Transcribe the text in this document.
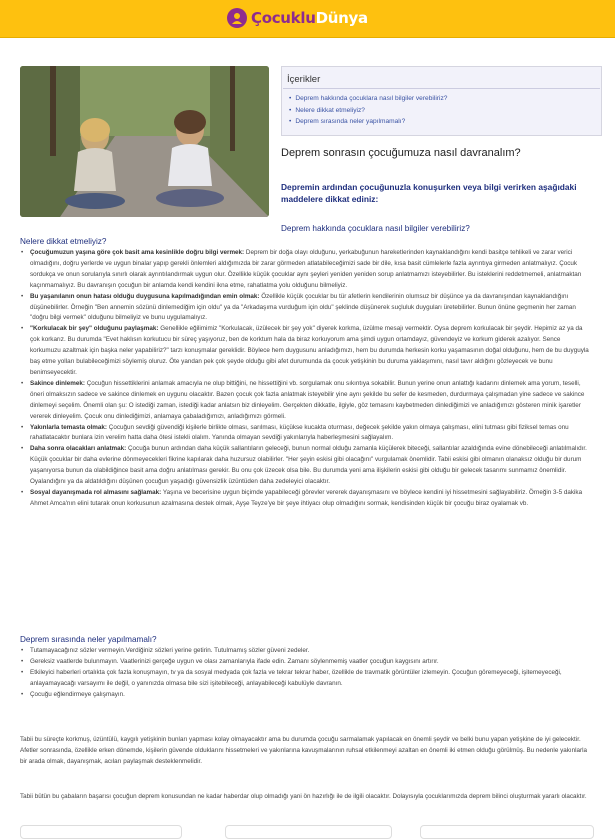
ÇocukluDünya
İçerikler
• Deprem hakkında çocuklara nasıl bilgiler verebiliriz?
• Nelere dikkat etmeliyiz?
• Deprem sırasında neler yapılmamalı?
Deprem sonrasın çocuğumuza nasıl davranalım?
Depremin ardından çocuğunuzla konuşurken veya bilgi verirken aşağıdaki maddelere dikkat ediniz:
Deprem hakkında çocuklara nasıl bilgiler verebiliriz?
Nelere dikkat etmeliyiz?
• Çocuğumuzun yaşına göre çok basit ama kesinlikle doğru bilgi vermek: Deprem bir doğa olayı olduğunu, yerkabuğunun hareketlerinden kaynaklandığını kendi basitçe tehlikeli ve zarar verici olmadığını, doğru yerlerde ve uygun binalar yapıp gerekli önlemleri aldığımızda bir zarar görmeden atlatabileceğimizi sade bir dile, kısa basit cümlelerle fazla ayrıntıya girmeden anlatmalıyız. Çocuk sordukça ve onun sorularıyla sınırlı olarak ayrıntılandırmak uygun olur. Özellikle küçük çocuklar aynı şeyleri yeniden yeniden sorup anlatmamızı isteyebilirler. Bu isteklerini reddetmemeli, anlatmaktan kaçınmamalıyız. Bu davranışın çocuğun bir anlamda kendi kendini ikna etme, rahatlatma yolu olduğunu bilmeliyiz.
• Bu yaşanılanın onun hatası olduğu duygusuna kapılmadığından emin olmak: Özellikle küçük çocuklar bu tür afetlerin kendilerinin olumsuz bir düşünce ya da davranışından kaynaklandığını düşünebilirler. Örneğin "Ben annemin sözünü dinlemediğim için oldu" ya da "Arkadaşıma vurduğum için oldu" şeklinde düşünerek suçluluk duyguları üretebilirler. Bunun önüne geçmenin her zaman "doğru bilgi vermek" olduğunu bilmeliyiz ve bunu uygulamalıyız.
• "Korkulacak bir şey" olduğunu paylaşmak: Genellikle eğilimimiz "Korkulacak, üzülecek bir şey yok" diyerek korkma, üzülme mesajı vermektir. Oysa deprem korkulacak bir şeydir. Hepimiz az ya da çok korkarız. Bu durumda "Evet haklısın korkutucu bir süreç yaşıyoruz, ben de korktum hala da biraz korkuyorum ama şimdi uygun ortamdayız, güvendeyiz ve korkum giderek azalıyor. Sence korkumuzu azaltmak için başka neler yapabiliriz?" tarzı konuşmalar gereklidir. Böylece hem duygusunu anladığımızı, hem bu durumda herkesin korku yaşamasının doğal olduğunu, hem de bu duyguyla baş etme yolları bulabileceğimizi söylemiş oluruz. Öte yandan pek çok şeyde olduğu gibi afet durumunda da çocuk yetişkinin bu duruma yaklaşımını, nasıl tavır aldığını gözleyecek ve bunu benimseyecektir.
• Sakince dinlemek: Çocuğun hissettiklerini anlamak amacıyla ne olup bittiğini, ne hissettiğini vb. sorgulamak onu sıkıntıya sokabilir. Bunun yerine onun anlattığı kadarını dinlemek ama yorum, teselli, öneri olmaksızın sadece ve sakince dinlemek en uygunu olacaktır. Bazen çocuk çok fazla anlatmak isteyebilir yine aynı şekilde bu sefer de kesmeden, durdurmaya çalışmadan yine sadece ve sakince dinlemeyi seçelim. Önemli olan şu: O istediği zaman, istediği kadar anlatsın biz dinleyelim. Gerçekten dikkatle, ilgiyle, göz temasını kaybetmeden dinlediğimizi ve anladığımızı gösteren minik işaretler vererek dinleyelim. Çocuk onu dinlediğimizi, anlamaya çabaladığımızı, anladığımızı görmeli.
• Yakınlarla temasta olmak: Çocuğun sevdiği güvendiği kişilerle birlikte olması, sarılması, küçükse kucakta oturması, değecek şekilde yakın olmaya çalışması, elini tutması gibi fiziksel temas onu rahatlatacaktır bunlara izin verelim hatta daha ötesi istekli olalım. Yanında olmayan sevdiği yakınlarıyla haberleşmesini sağlayalım.
• Daha sonra olacakları anlatmak: Çocuğa bunun ardından daha küçük sallantıların geleceği, bunun normal olduğu zamanla küçülerek biteceği, sallantılar azaldığında evine dönebileceği anlatılmalıdır. Küçük çocuklar bir daha evlerine dönmeyecekleri fikrine kapılarak daha huzursuz olabilirler. "Her şeyin eskisi gibi olacağını" vurgulamak önemlidir. Tabii eskisi gibi olmanın olanaksız olduğu bir durum yaşanıyorsa bunun da olabildiğince basit ama doğru anlatılması gerekir. Bu onu çok üzecek olsa bile. Bu durumda yeni ama ilişkilerin eskisi gibi olduğu bir gelecek tasarımı sunmamız önemlidir. Oyalandığını ya da aldatıldığını düşünen çocuğun yaşadığı güvensizlik üzüntüden daha zedeleyici olacaktır.
• Sosyal dayanışmada rol almasını sağlamak: Yaşına ve becerisine uygun biçimde yapabileceği görevler vererek dayanışmasını ve böylece kendini iyi hissetmesini sağlayabiliriz. Örneğin 3-5 dakika Ahmet Amca'nın elini tutarak onun korkusunun azalmasına destek olmak, Ayşe Teyze'ye bir şeye ihtiyacı olup olmadığını sormak, kendisinden küçük bir çocuğu biraz oyalamak vb.
Deprem sırasında neler yapılmamalı?
• Tutamayacağınız sözler vermeyin.Verdiğiniz sözleri yerine getirin. Tutulmamış sözler güveni zedeler.
• Gereksiz vaatlerde bulunmayın. Vaatlerinizi gerçeğe uygun ve olası zamanlarıyla ifade edin. Zamanı söylenmemiş vaatler çocuğun kaygısını artırır.
• Etkileyici haberleri ortalıkta çok fazla konuşmayın, tv ya da sosyal medyada çok fazla ve tekrar tekrar haber, özellikle de travmatik görüntüler izlemeyin. Çocuğun göremeyeceği, işitemeyeceği, anlayamayacağı varsayımı ile değil, o yanınızda olmasa bile sizi işitebileceği, anlayabileceği kabulüyle davranın.
• Çocuğu eğlendirmeye çalışmayın.

Tabii bu süreçte korkmuş, üzüntülü, kaygılı yetişkinin bunları yapması kolay olmayacaktır ama bu durumda çocuğu sarmalamak yapılacak en önemli şeydir ve belki bunu yapan yetişkine de iyi gelecektir. Afetler sonrasında, özellikle erken dönemde, kişilerin güvende olduklarını hissetmeleri ve yakınlarına kavuşmalarının ruhsal etkilenmeyi azaltan en önemli iki etmen olduğu görülmüş. Bu nedenle yakınlarla bir arada olmak, dayanışmak, acıları paylaşmak desteklenmelidir.

Tabii bütün bu çabaların başarısı çocuğun deprem konusundan ne kadar haberdar olup olmadığı yani ön hazırlığı ile de ilgili olacaktır. Dolayısıyla çocuklarımızda deprem bilinci oluşturmak yararlı olacaktır.
